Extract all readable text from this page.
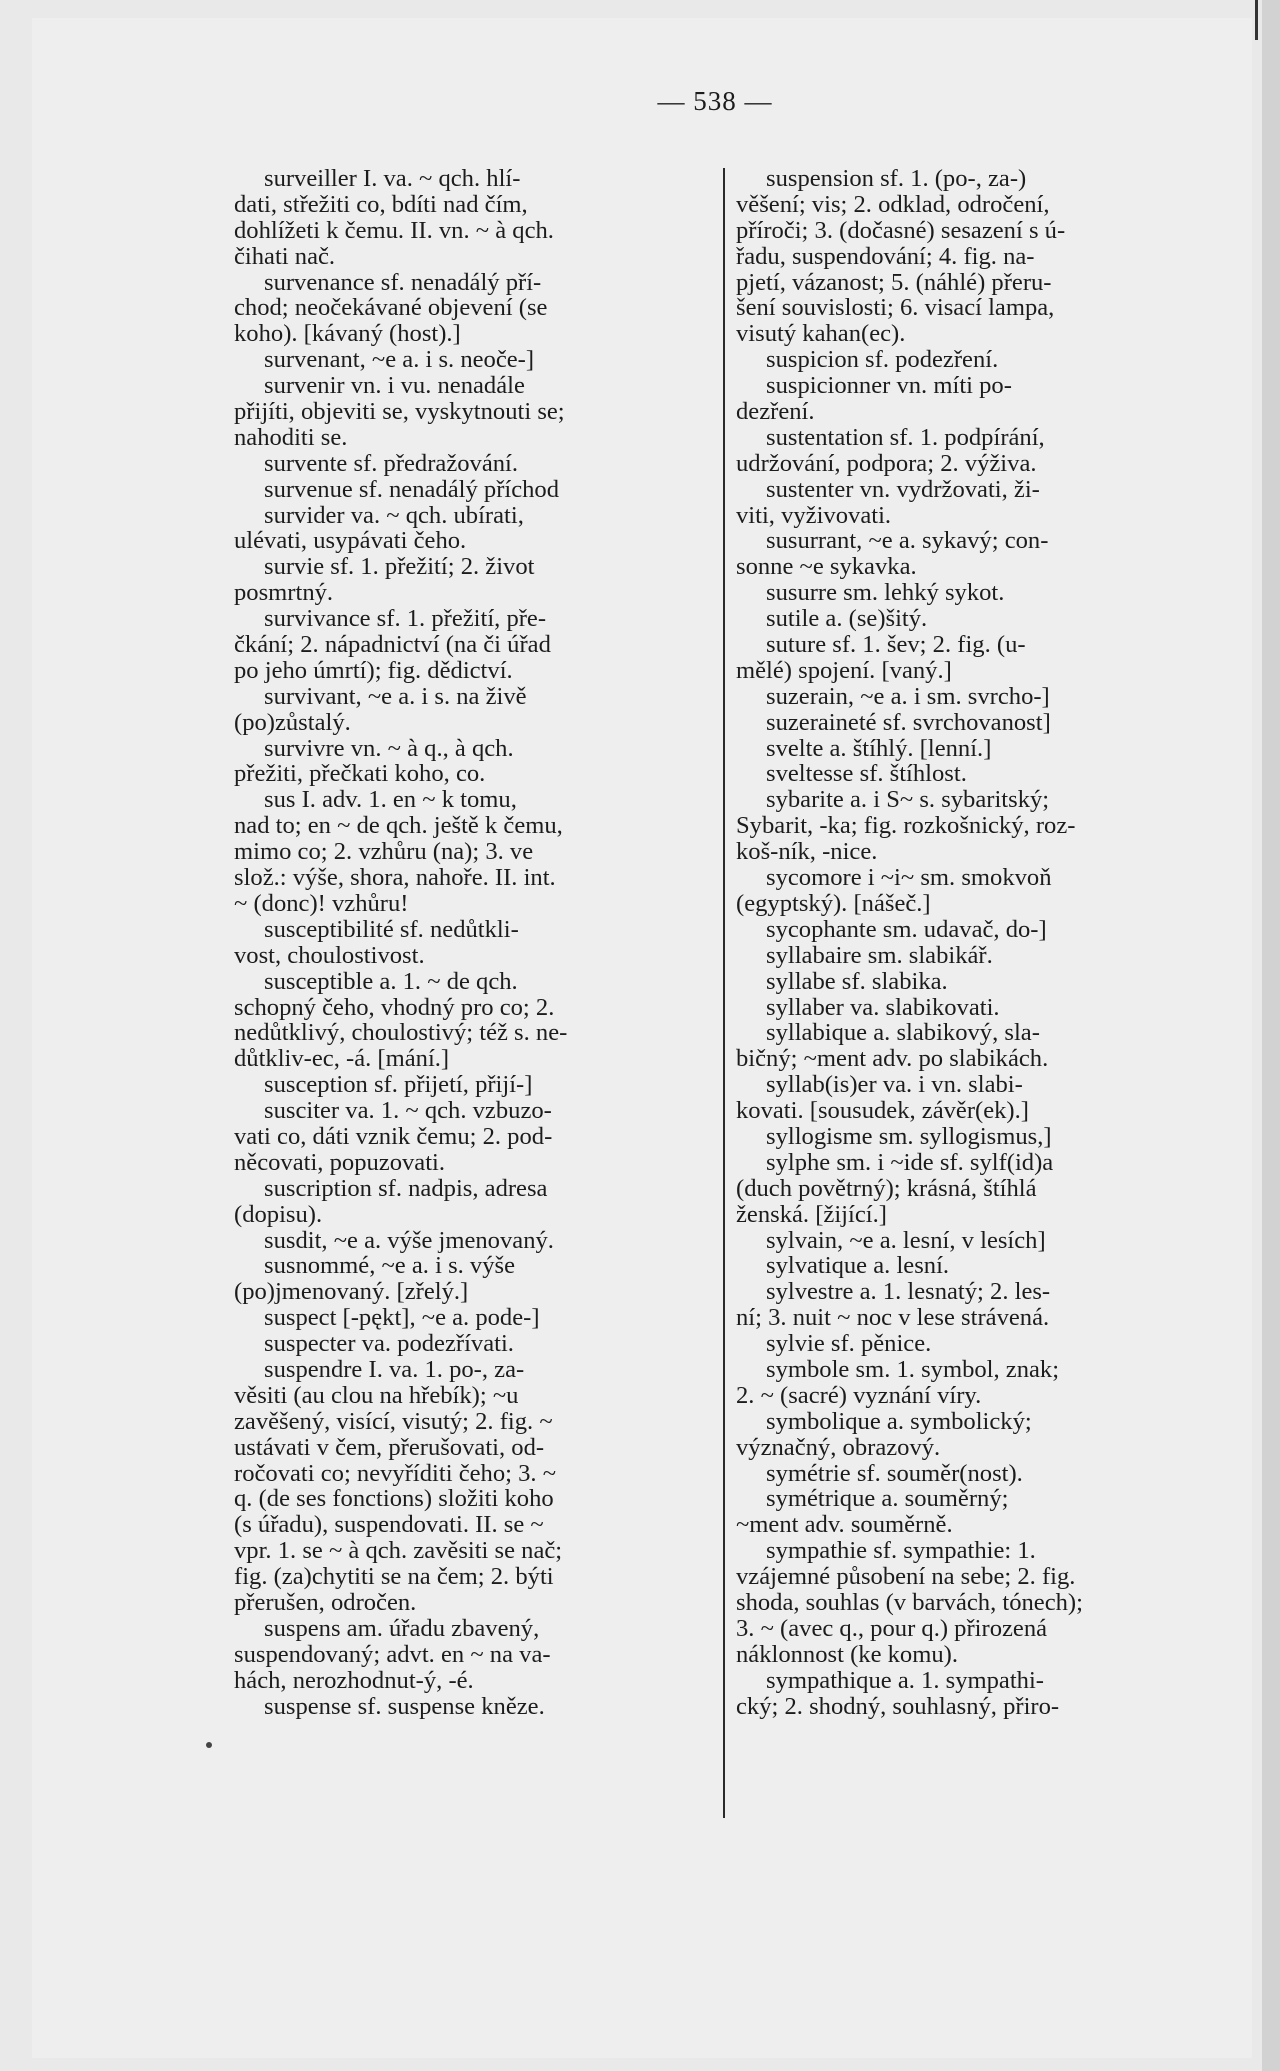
— 538 —
surveiller I. va. ~ qch. hlí-
dati, střežiti co, bdíti nad čím,
dohlížeti k čemu. II. vn. ~ à qch.
čihati nač.
survenance sf. nenadálý pří-
chod; neočekávané objevení (se
koho). [kávaný (host).]
survenant, ~e a. i s. neoče-]
survenir vn. i vu. nenadále
přijíti, objeviti se, vyskytnouti se;
nahoditi se.
survente sf. předražování.
survenue sf. nenadálý příchod
survider va. ~ qch. ubírati,
ulévati, usypávati čeho.
survie sf. 1. přežití; 2. život
posmrtný.
survivance sf. 1. přežití, pře-
čkání; 2. nápadnictví (na či úřad
po jeho úmrtí); fig. dědictví.
survivant, ~e a. i s. na živě
(po)zůstalý.
survivre vn. ~ à q., à qch.
přežiti, přečkati koho, co.
sus I. adv. 1. en ~ k tomu,
nad to; en ~ de qch. ještě k čemu,
mimo co; 2. vzhůru (na); 3. ve
slož.: výše, shora, nahoře. II. int.
~ (donc)! vzhůru!
susceptibilité sf. nedůtkli-
vost, choulostivost.
susceptible a. 1. ~ de qch.
schopný čeho, vhodný pro co; 2.
nedůtklivý, choulostivý; též s. ne-
důtkliv-ec, -á. [mání.]
susception sf. přijetí, přijí-]
susciter va. 1. ~ qch. vzbuzo-
vati co, dáti vznik čemu; 2. pod-
něcovati, popuzovati.
suscription sf. nadpis, adresa
(dopisu).
susdit, ~e a. výše jmenovaný.
susnommé, ~e a. i s. výše
(po)jmenovaný. [zřelý.]
suspect [-pękt], ~e a. pode-]
suspecter va. podezřívati.
suspendre I. va. 1. po-, za-
věsiti (au clou na hřebík); ~u
zavěšený, visící, visutý; 2. fig. ~
ustávati v čem, přerušovati, od-
ročovati co; nevyříditi čeho; 3. ~
q. (de ses fonctions) složiti koho
(s úřadu), suspendovati. II. se ~
vpr. 1. se ~ à qch. zavěsiti se nač;
fig. (za)chytiti se na čem; 2. býti
přerušen, odročen.
suspens am. úřadu zbavený,
suspendovaný; advt. en ~ na va-
hách, nerozhodnut-ý, -é.
suspense sf. suspense kněze.
suspension sf. 1. (po-, za-)
věšení; vis; 2. odklad, odročení,
příroči; 3. (dočasné) sesazení s ú-
řadu, suspendování; 4. fig. na-
pjetí, vázanost; 5. (náhlé) přeru-
šení souvislosti; 6. visací lampa,
visutý kahan(ec).
suspicion sf. podezření.
suspicionner vn. míti po-
dezření.
sustentation sf. 1. podpírání,
udržování, podpora; 2. výživa.
sustenter vn. vydržovati, ži-
viti, vyživovati.
susurrant, ~e a. sykavý; con-
sonne ~e sykavka.
susurre sm. lehký sykot.
sutile a. (se)šitý.
suture sf. 1. šev; 2. fig. (u-
mělé) spojení. [vaný.]
suzerain, ~e a. i sm. svrcho-]
suzeraineté sf. svrchovanost]
svelte a. štíhlý. [lenní.]
sveltesse sf. štíhlost.
sybarite a. i S~ s. sybaritský;
Sybarit, -ka; fig. rozkošnický, roz-
koš-ník, -nice.
sycomore i ~i~ sm. smokvoň
(egyptský). [nášeč.]
sycophante sm. udavač, do-]
syllabaire sm. slabikář.
syllabe sf. slabika.
syllaber va. slabikovati.
syllabique a. slabikový, sla-
bičný; ~ment adv. po slabikách.
syllab(is)er va. i vn. slabi-
kovati. [sousudek, závěr(ek).]
syllogisme sm. syllogismus,]
sylphe sm. i ~ide sf. sylf(id)a
(duch povětrný); krásná, štíhlá
ženská. [žijící.]
sylvain, ~e a. lesní, v lesích]
sylvatique a. lesní.
sylvestre a. 1. lesnatý; 2. les-
ní; 3. nuit ~ noc v lese strávená.
sylvie sf. pěnice.
symbole sm. 1. symbol, znak;
2. ~ (sacré) vyznání víry.
symbolique a. symbolický;
význačný, obrazový.
symétrie sf. souměr(nost).
symétrique a. souměrný;
~ment adv. souměrně.
sympathie sf. sympathie: 1.
vzájemné působení na sebe; 2. fig.
shoda, souhlas (v barvách, tónech);
3. ~ (avec q., pour q.) přirozená
náklonnost (ke komu).
sympathique a. 1. sympathi-
cký; 2. shodný, souhlasný, přiro-
